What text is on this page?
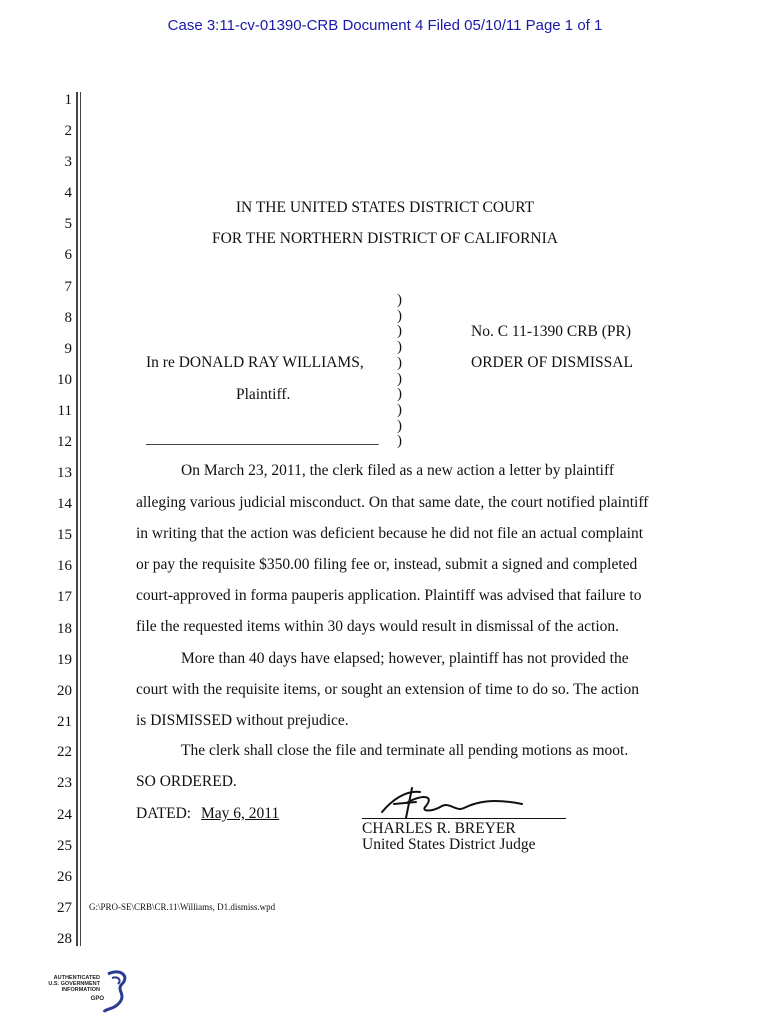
Case 3:11-cv-01390-CRB Document 4 Filed 05/10/11 Page 1 of 1
1
2
3
4
5
6
7
8
9
10
11
12
13
14
15
16
17
18
19
20
21
22
23
24
25
26
27
28
IN THE UNITED STATES DISTRICT COURT
FOR THE NORTHERN DISTRICT OF CALIFORNIA
In re DONALD RAY WILLIAMS,
Plaintiff.
______________________________
)
)
)
)
)
)
)
)
)
)
No. C 11-1390 CRB (PR)
ORDER OF DISMISSAL
On March 23, 2011, the clerk filed as a new action a letter by plaintiff
alleging various judicial misconduct. On that same date, the court notified plaintiff
in writing that the action was deficient because he did not file an actual complaint
or pay the requisite $350.00 filing fee or, instead, submit a signed and completed
court-approved in forma pauperis application. Plaintiff was advised that failure to
file the requested items within 30 days would result in dismissal of the action.
More than 40 days have elapsed; however, plaintiff has not provided the
court with the requisite items, or sought an extension of time to do so. The action
is DISMISSED without prejudice.
The clerk shall close the file and terminate all pending motions as moot.
SO ORDERED.
DATED: May 6, 2011
CHARLES R. BREYER
United States District Judge
G:\PRO-SE\CRB\CR.11\Williams, D1.dismiss.wpd
AUTHENTICATED
U.S. GOVERNMENT
INFORMATION
GPO
